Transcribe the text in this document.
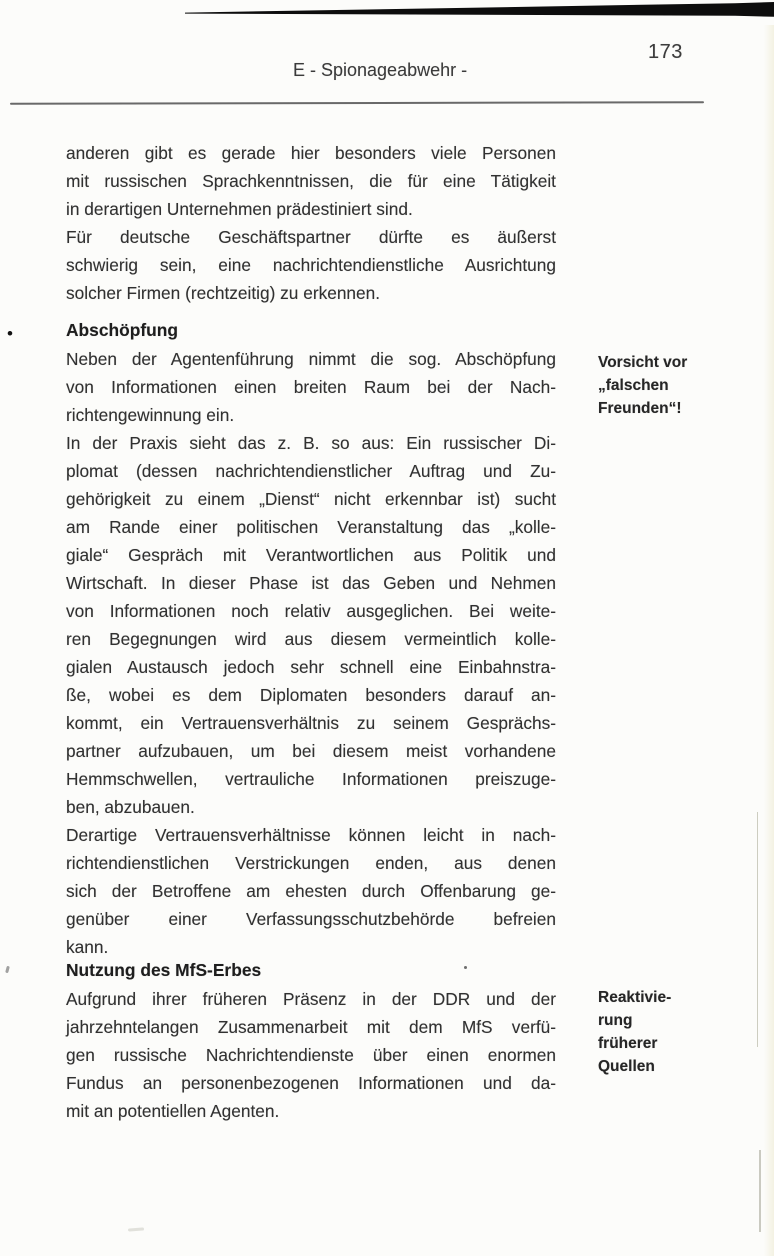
173
E - Spionageabwehr -
•
anderen gibt es gerade hier besonders viele Personen
mit russischen Sprachkenntnissen, die für eine Tätigkeit
in derartigen Unternehmen prädestiniert sind.
Für deutsche Geschäftspartner dürfte es äußerst
schwierig sein, eine nachrichtendienstliche Ausrichtung
solcher Firmen (rechtzeitig) zu erkennen.
Abschöpfung
Vorsicht vor
„falschen
Freunden“!
Neben der Agentenführung nimmt die sog. Abschöpfung
von Informationen einen breiten Raum bei der Nach-
richtengewinnung ein.
In der Praxis sieht das z. B. so aus: Ein russischer Di-
plomat (dessen nachrichtendienstlicher Auftrag und Zu-
gehörigkeit zu einem „Dienst“ nicht erkennbar ist) sucht
am Rande einer politischen Veranstaltung das „kolle-
giale“ Gespräch mit Verantwortlichen aus Politik und
Wirtschaft. In dieser Phase ist das Geben und Nehmen
von Informationen noch relativ ausgeglichen. Bei weite-
ren Begegnungen wird aus diesem vermeintlich kolle-
gialen Austausch jedoch sehr schnell eine Einbahnstra-
ße, wobei es dem Diplomaten besonders darauf an-
kommt, ein Vertrauensverhältnis zu seinem Gesprächs-
partner aufzubauen, um bei diesem meist vorhandene
Hemmschwellen, vertrauliche Informationen preiszuge-
ben, abzubauen.
Derartige Vertrauensverhältnisse können leicht in nach-
richtendienstlichen Verstrickungen enden, aus denen
sich der Betroffene am ehesten durch Offenbarung ge-
genüber einer Verfassungsschutzbehörde befreien
kann.
Nutzung des MfS-Erbes
Reaktivie-
rung
früherer
Quellen
Aufgrund ihrer früheren Präsenz in der DDR und der
jahrzehntelangen Zusammenarbeit mit dem MfS verfü-
gen russische Nachrichtendienste über einen enormen
Fundus an personenbezogenen Informationen und da-
mit an potentiellen Agenten.
